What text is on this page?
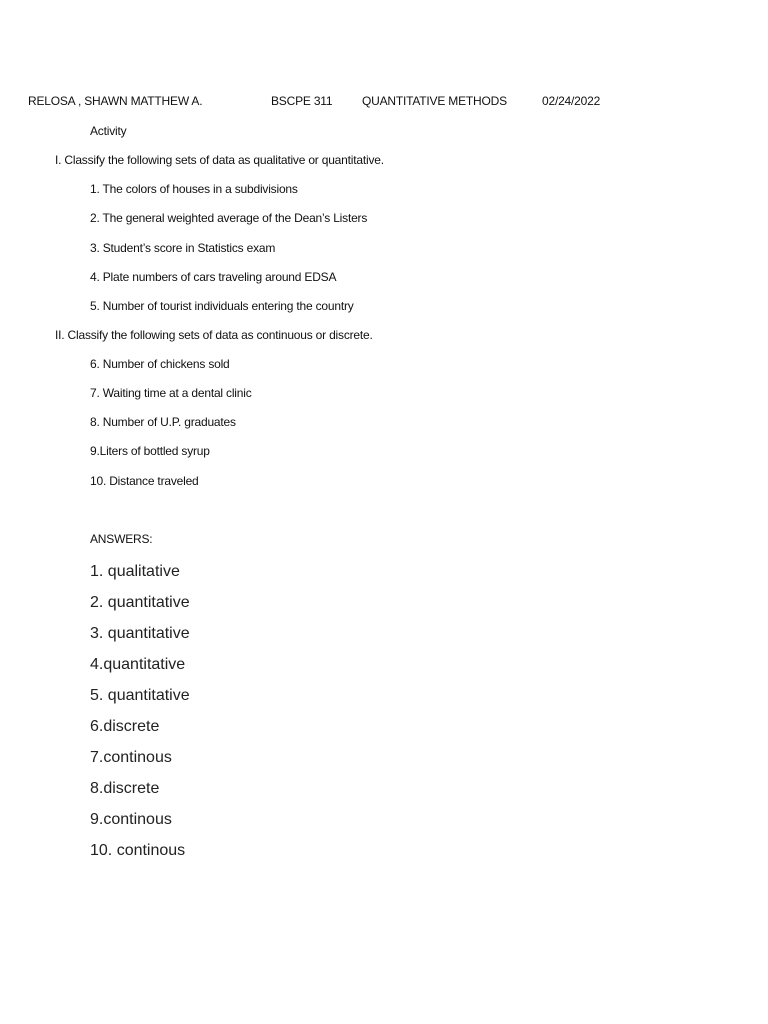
RELOSA , SHAWN MATTHEW A.	BSCPE 311 QUANTITATIVE METHODS	02/24/2022
Activity
I. Classify the following sets of data as qualitative or quantitative.
1. The colors of houses in a subdivisions
2. The general weighted average of the Dean’s Listers
3. Student’s score in Statistics exam
4. Plate numbers of cars traveling around EDSA
5. Number of tourist individuals entering the country
II. Classify the following sets of data as continuous or discrete.
6. Number of chickens sold
7. Waiting time at a dental clinic
8. Number of U.P. graduates
9.Liters of bottled syrup
10. Distance traveled
ANSWERS:
1. qualitative
2. quantitative
3. quantitative
4.quantitative
5. quantitative
6.discrete
7.continous
8.discrete
9.continous
10. continous
